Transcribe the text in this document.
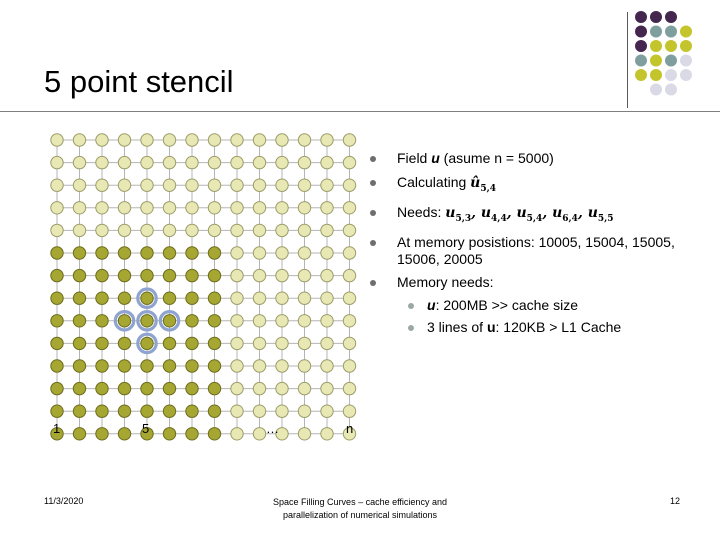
5 point stencil
Field u (asume n = 5000)
Calculating $û_{5,4}$
Needs: $u_{5,3}$, $u_{4,4}$, $u_{5,4}$, $u_{6,4}$, $u_{5,5}$
At memory posistions: 10005, 15004, 15005, 15006, 20005
Memory needs:
u: 200MB >> cache size
3 lines of u: 120KB > L1 Cache
1	5	…	n
11/3/2020	Space Filling Curves – cache efficiency and
parallelization of numerical simulations
12
